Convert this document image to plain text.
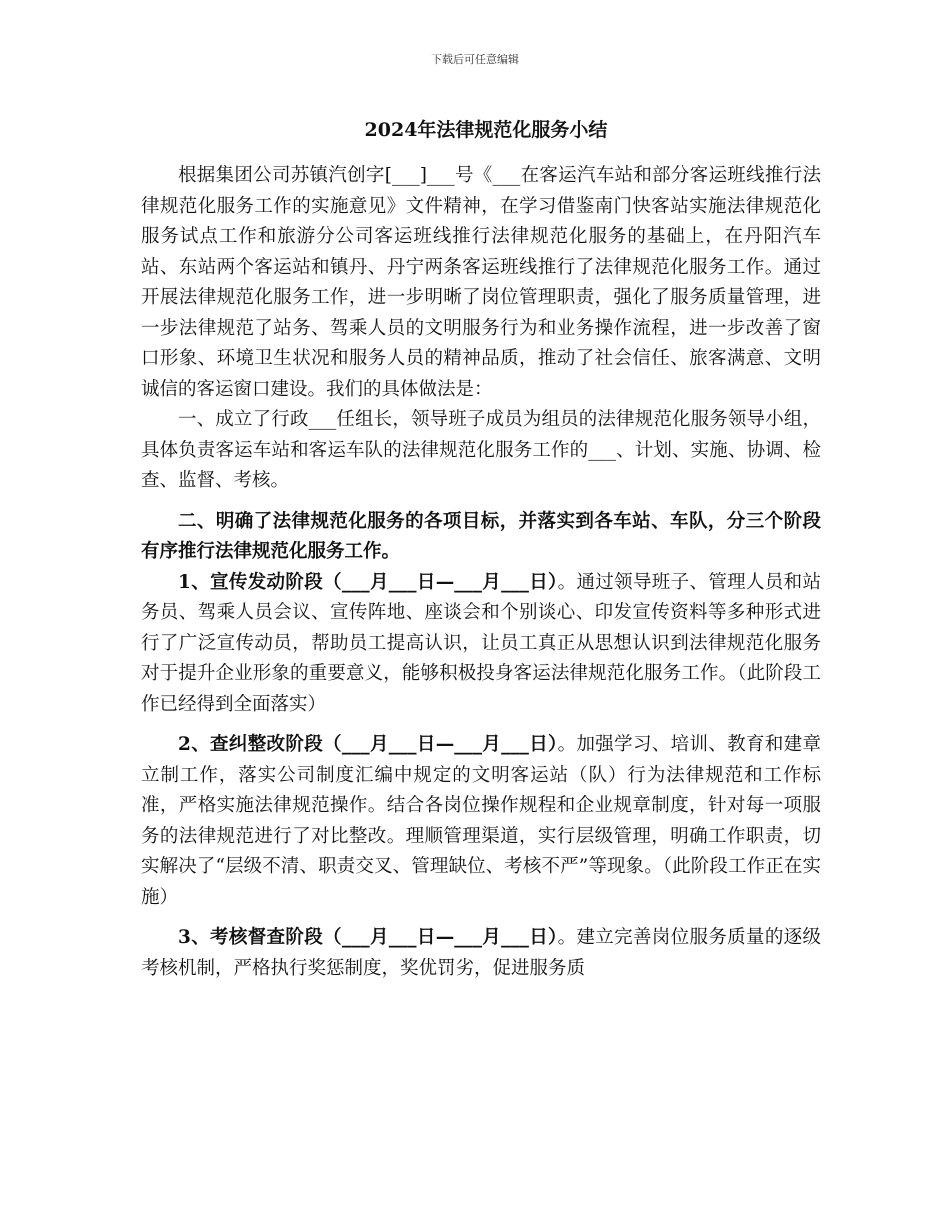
下载后可任意编辑
2024年法律规范化服务小结

根据集团公司苏镇汽创字[___]___号《___在客运汽车站和部分客运班线推行法律规范化服务工作的实施意见》文件精神，在学习借鉴南门快客站实施法律规范化服务试点工作和旅游分公司客运班线推行法律规范化服务的基础上，在丹阳汽车站、东站两个客运站和镇丹、丹宁两条客运班线推行了法律规范化服务工作。通过开展法律规范化服务工作，进一步明晰了岗位管理职责，强化了服务质量管理，进一步法律规范了站务、驾乘人员的文明服务行为和业务操作流程，进一步改善了窗口形象、环境卫生状况和服务人员的精神品质，推动了社会信任、旅客满意、文明诚信的客运窗口建设。我们的具体做法是：

一、成立了行政___任组长，领导班子成员为组员的法律规范化服务领导小组，具体负责客运车站和客运车队的法律规范化服务工作的___、计划、实施、协调、检查、监督、考核。

二、明确了法律规范化服务的各项目标，并落实到各车站、车队，分三个阶段有序推行法律规范化服务工作。

1、宣传发动阶段（___月___日—___月___日）。通过领导班子、管理人员和站务员、驾乘人员会议、宣传阵地、座谈会和个别谈心、印发宣传资料等多种形式进行了广泛宣传动员，帮助员工提高认识，让员工真正从思想认识到法律规范化服务对于提升企业形象的重要意义，能够积极投身客运法律规范化服务工作。（此阶段工作已经得到全面落实）

2、查纠整改阶段（___月___日—___月___日）。加强学习、培训、教育和建章立制工作，落实公司制度汇编中规定的文明客运站（队）行为法律规范和工作标准，严格实施法律规范操作。结合各岗位操作规程和企业规章制度，针对每一项服务的法律规范进行了对比整改。理顺管理渠道，实行层级管理，明确工作职责，切实解决了“层级不清、职责交叉、管理缺位、考核不严”等现象。（此阶段工作正在实施）

3、考核督查阶段（___月___日—___月___日）。建立完善岗位服务质量的逐级考核机制，严格执行奖惩制度，奖优罚劣，促进服务质
